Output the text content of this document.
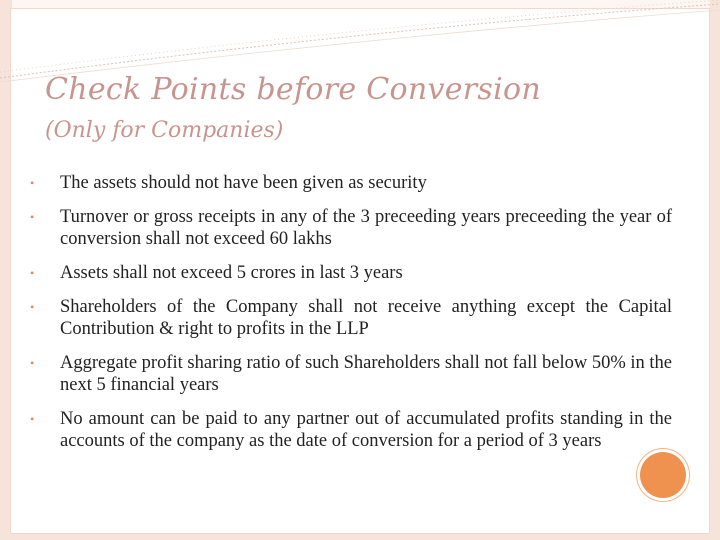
Check Points before Conversion
(Only for Companies)
• The assets should not have been given as security
• Turnover or gross receipts in any of the 3 preceeding years preceeding the year of conversion shall not exceed 60 lakhs
• Assets shall not exceed 5 crores in last 3 years
• Shareholders of the Company shall not receive anything except the Capital Contribution & right to profits in the LLP
• Aggregate profit sharing ratio of such Shareholders shall not fall below 50% in the next 5 financial years
• No amount can be paid to any partner out of accumulated profits standing in the accounts of the company as the date of conversion for a period of 3 years
